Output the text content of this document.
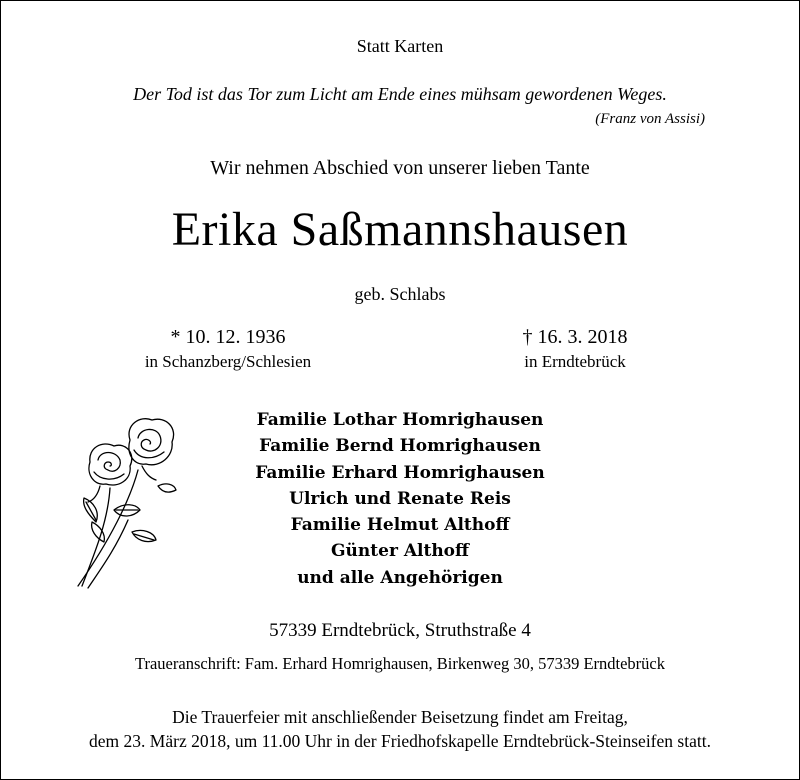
Statt Karten
Der Tod ist das Tor zum Licht am Ende eines mühsam gewordenen Weges.
(Franz von Assisi)
Wir nehmen Abschied von unserer lieben Tante
Erika Saßmannshausen
geb. Schlabs
* 10. 12. 1936
in Schanzberg/Schlesien
† 16. 3. 2018
in Erndtebrück
Familie Lothar Homrighausen
Familie Bernd Homrighausen
Familie Erhard Homrighausen
Ulrich und Renate Reis
Familie Helmut Althoff
Günter Althoff
und alle Angehörigen
57339 Erndtebrück, Struthstraße 4
Traueranschrift: Fam. Erhard Homrighausen, Birkenweg 30, 57339 Erndtebrück
Die Trauerfeier mit anschließender Beisetzung findet am Freitag,
dem 23. März 2018, um 11.00 Uhr in der Friedhofskapelle Erndtebrück-Steinseifen statt.
